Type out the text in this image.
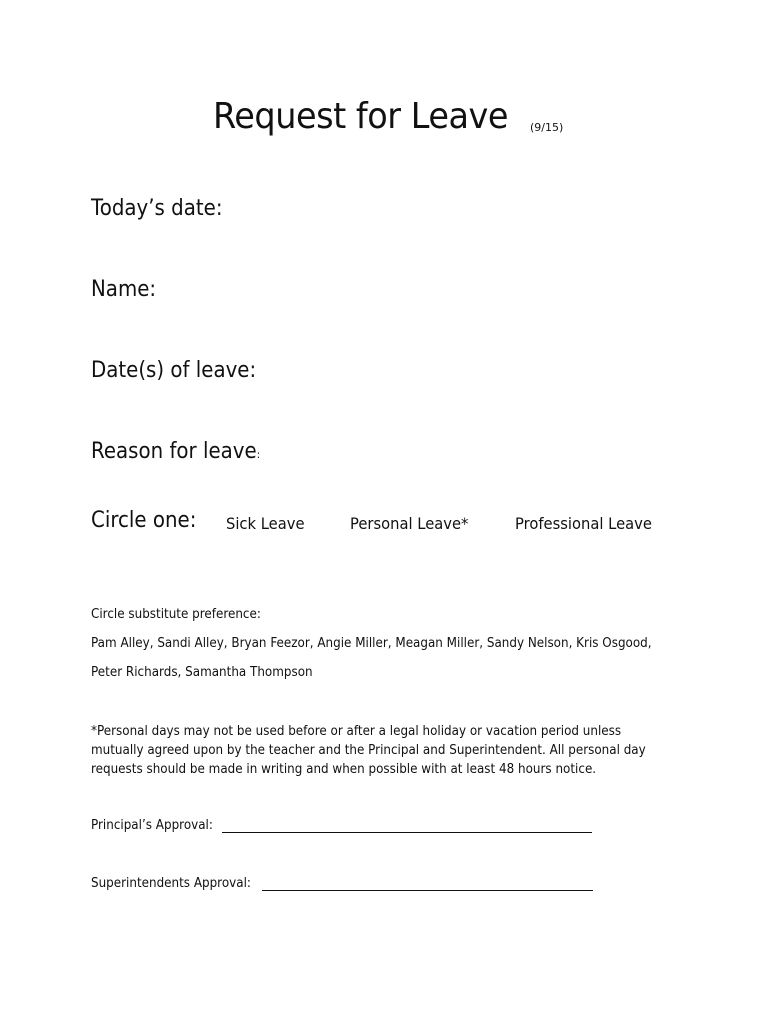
Request for Leave (9/15)
Today’s date:
Name:
Date(s) of leave:
Reason for leave:
Circle one: Sick Leave	Personal Leave*	Professional Leave
Circle substitute preference:
Pam Alley, Sandi Alley, Bryan Feezor, Angie Miller, Meagan Miller, Sandy Nelson, Kris Osgood,
Peter Richards, Samantha Thompson
*Personal days may not be used before or after a legal holiday or vacation period unless
mutually agreed upon by the teacher and the Principal and Superintendent. All personal day
requests should be made in writing and when possible with at least 48 hours notice.
Principal’s Approval:
Superintendents Approval:
